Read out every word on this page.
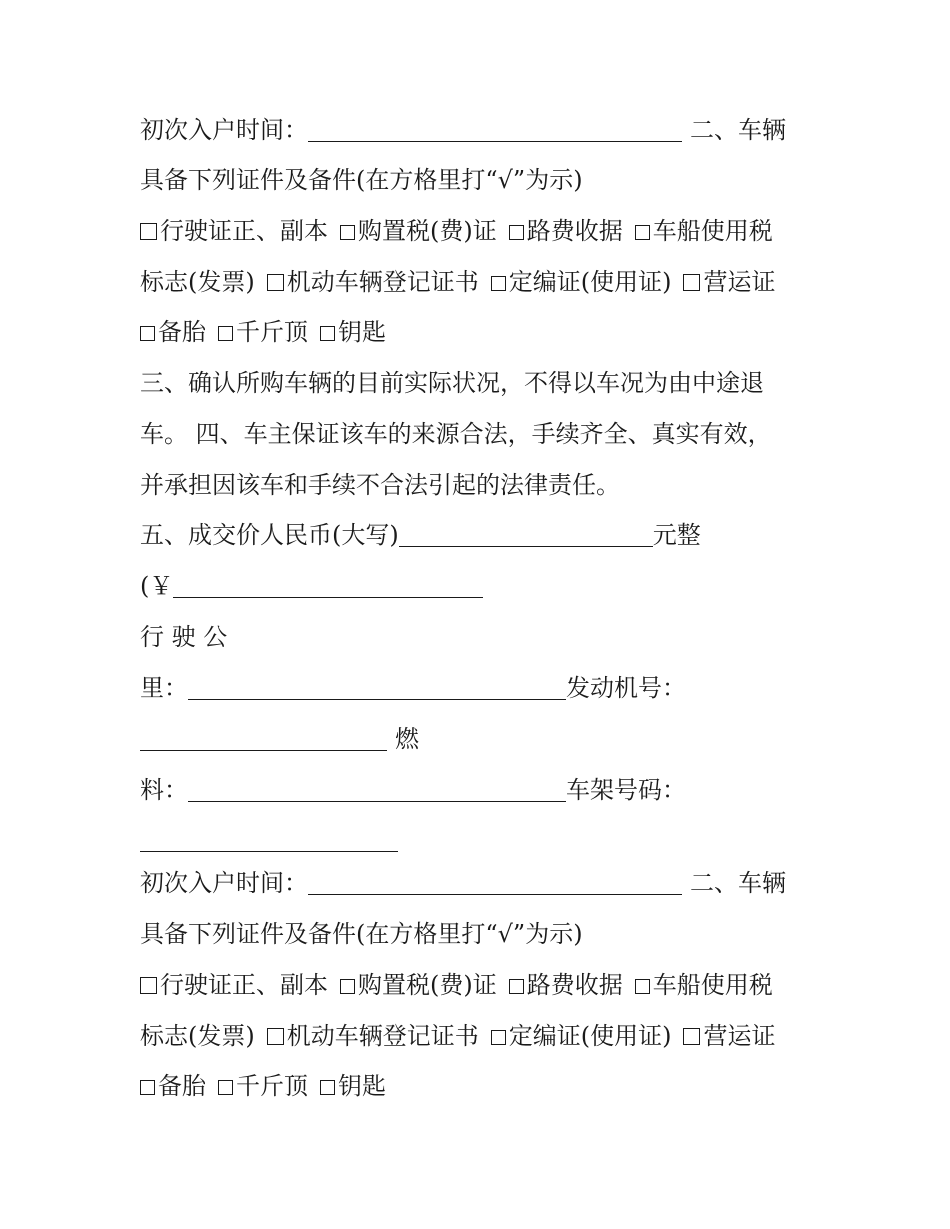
初次入户时间：	二、车辆
具备下列证件及备件(在方格里打“√”为示)
行驶证正、副本 购置税(费)证 路费收据 车船使用税
标志(发票) 机动车辆登记证书 定编证(使用证) 营运证
备胎 千斤顶 钥匙
三、确认所购车辆的目前实际状况，不得以车况为由中途退
车。 四、车主保证该车的来源合法，手续齐全、真实有效，
并承担因该车和手续不合法引起的法律责任。
五、成交价人民币(大写)	元整
(￥
行 驶 公
里：	发动机号：
燃
料：	车架号码：
初次入户时间：	二、车辆
具备下列证件及备件(在方格里打“√”为示)
行驶证正、副本 购置税(费)证 路费收据 车船使用税
标志(发票) 机动车辆登记证书 定编证(使用证) 营运证
备胎 千斤顶 钥匙
